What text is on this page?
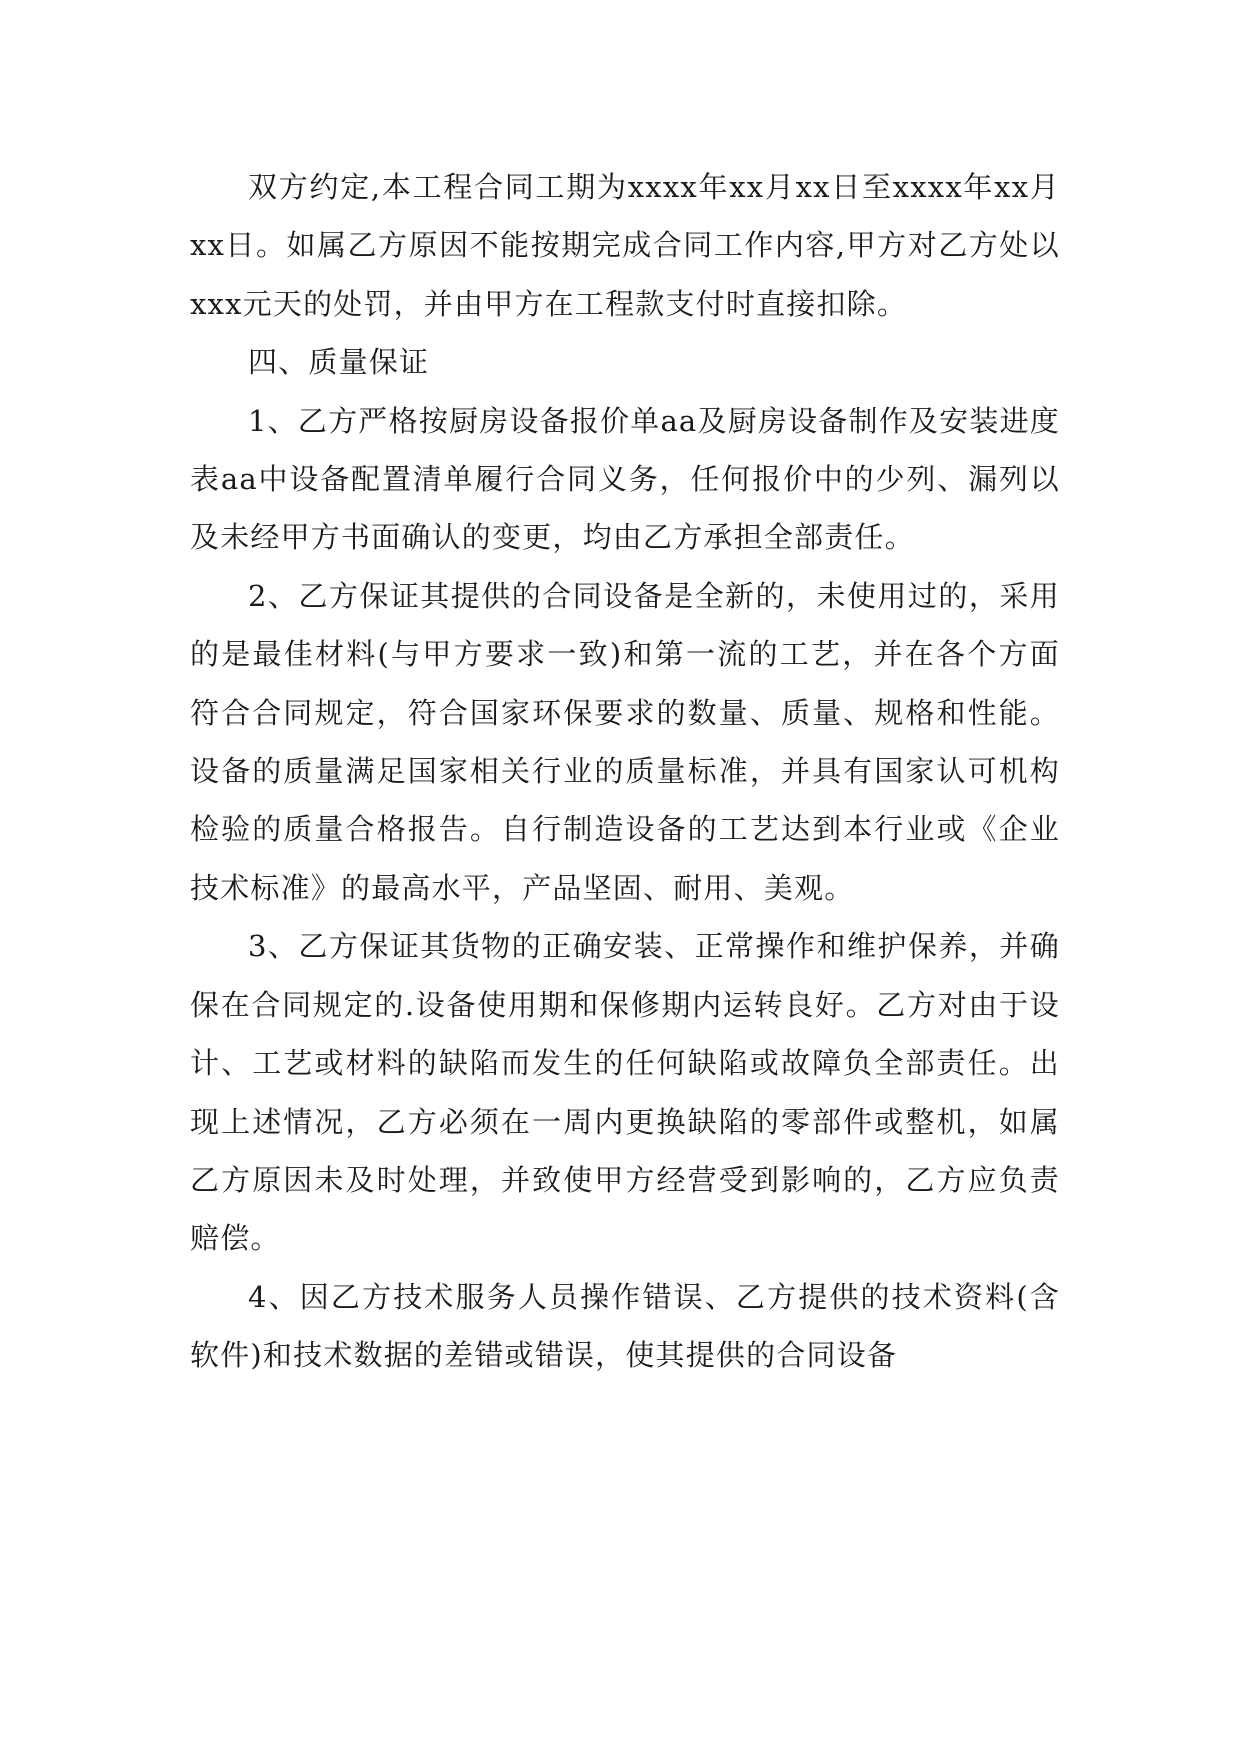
双方约定,本工程合同工期为xxxx年xx月xx日至xxxx年xx月xx日。如属乙方原因不能按期完成合同工作内容,甲方对乙方处以xxx元天的处罚，并由甲方在工程款支付时直接扣除。

四、质量保证

1、乙方严格按厨房设备报价单aa及厨房设备制作及安装进度表aa中设备配置清单履行合同义务，任何报价中的少列、漏列以及未经甲方书面确认的变更，均由乙方承担全部责任。

2、乙方保证其提供的合同设备是全新的，未使用过的，采用的是最佳材料(与甲方要求一致)和第一流的工艺，并在各个方面符合合同规定，符合国家环保要求的数量、质量、规格和性能。设备的质量满足国家相关行业的质量标准，并具有国家认可机构检验的质量合格报告。自行制造设备的工艺达到本行业或《企业技术标准》的最高水平，产品坚固、耐用、美观。

3、乙方保证其货物的正确安装、正常操作和维护保养，并确保在合同规定的.设备使用期和保修期内运转良好。乙方对由于设计、工艺或材料的缺陷而发生的任何缺陷或故障负全部责任。出现上述情况，乙方必须在一周内更换缺陷的零部件或整机，如属乙方原因未及时处理，并致使甲方经营受到影响的，乙方应负责赔偿。

4、因乙方技术服务人员操作错误、乙方提供的技术资料(含软件)和技术数据的差错或错误，使其提供的合同设备
